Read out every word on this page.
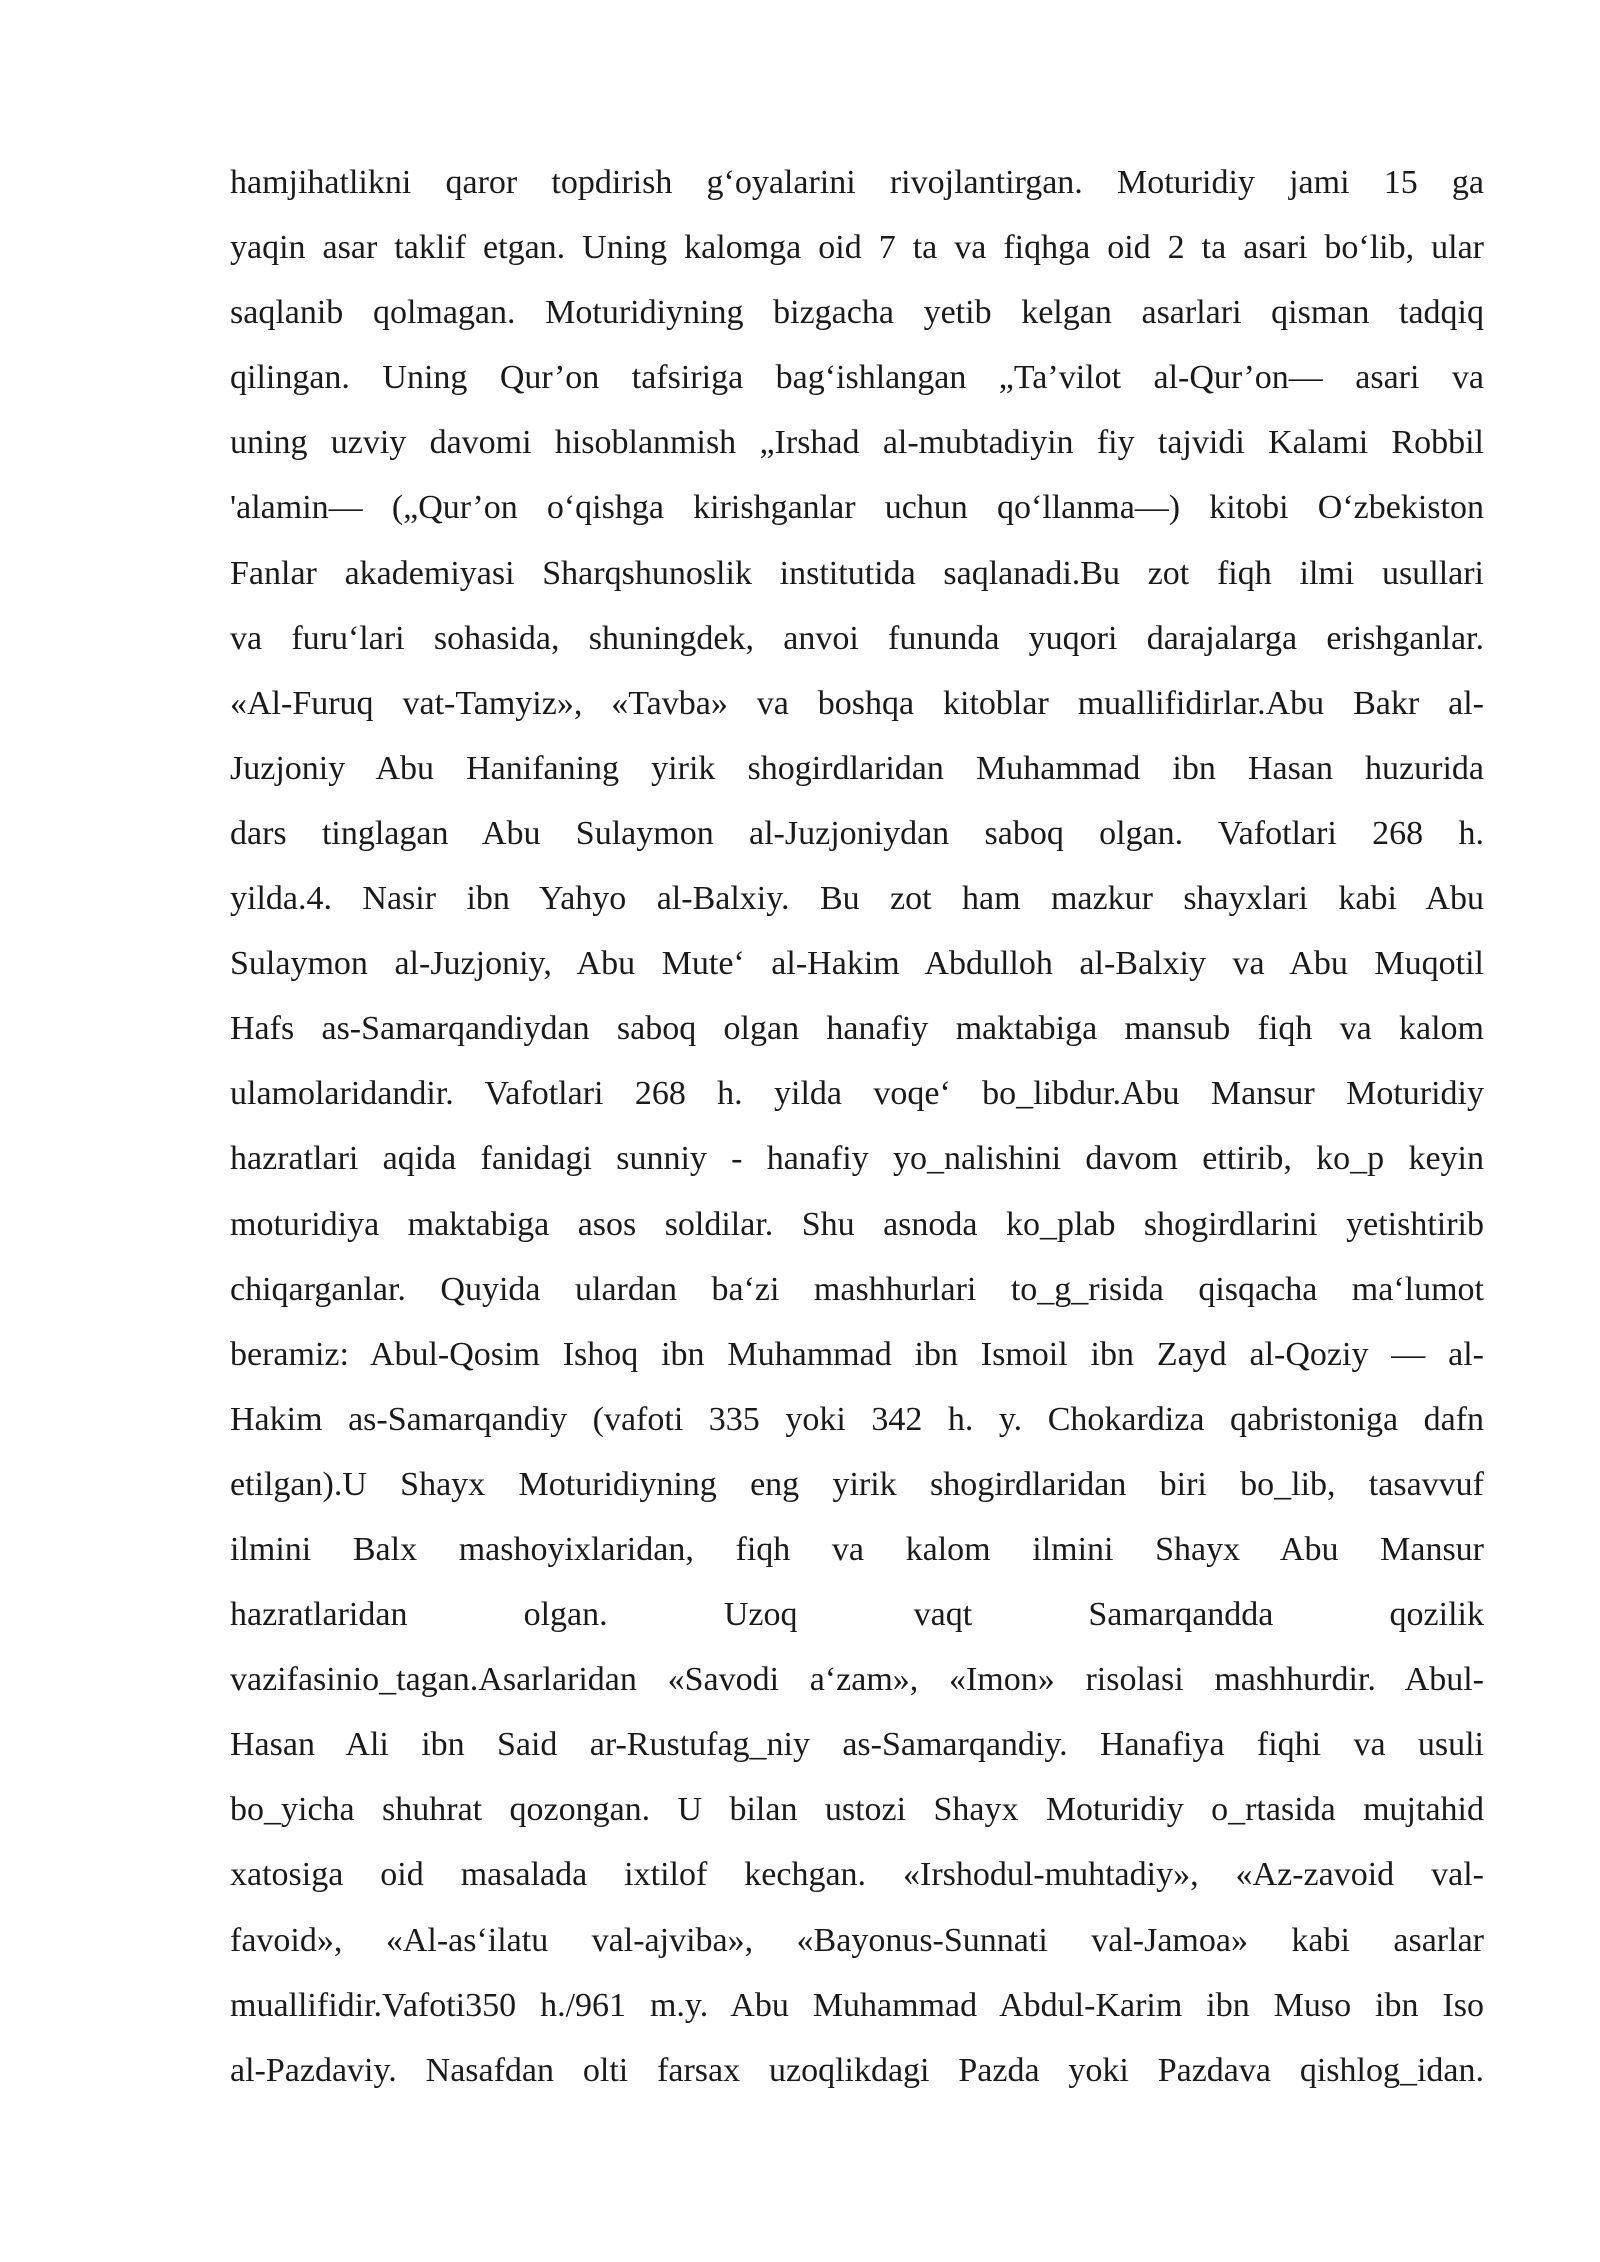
hamjihatlikni qaror topdirish g‘oyalarini rivojlantirgan. Moturidiy jami 15 ga

yaqin asar taklif etgan. Uning kalomga oid 7 ta va fiqhga oid 2 ta asari bo‘lib, ular

saqlanib qolmagan. Moturidiyning bizgacha yetib kelgan asarlari qisman tadqiq

qilingan. Uning Qur’on tafsiriga bag‘ishlangan „Ta’vilot al-Qur’on— asari va

uning uzviy davomi hisoblanmish „Irshad al-mubtadiyin fiy tajvidi Kalami Robbil

'alamin— („Qur’on o‘qishga kirishganlar uchun qo‘llanma—) kitobi O‘zbekiston

Fanlar akademiyasi Sharqshunoslik institutida saqlanadi.Bu zot fiqh ilmi usullari

va furu‘lari sohasida, shuningdek, anvoi funundа yuqori darajalarga erishganlar.

«Al-Furuq vat-Tamyiz», «Tavba» va boshqa kitoblar muallifidirlar.Abu Bakr al-

Juzjoniy Abu Hanifaning yirik shogirdlaridan Muhammad ibn Hasan huzurida

dars tinglagan Abu Sulaymon al-Juzjoniydan saboq olgan. Vafotlari 268 h.

yilda.4. Nasir ibn Yahyo al-Balxiy. Bu zot ham mazkur shayxlari kabi Abu

Sulaymon al-Juzjoniy, Abu Mute‘ al-Hakim Abdulloh al-Balxiy va Abu Muqotil

Hafs as-Samarqandiydan saboq olgan hanafiy maktabiga mansub fiqh va kalom

ulamolaridandir. Vafotlari 268 h. yilda voqe‘ bo_libdur.Abu Mansur Moturidiy

hazratlari aqida fanidagi sunniy - hanafiy yo_nalishini davom ettirib, ko_p keyin

moturidiya maktabiga asos soldilar. Shu asnoda ko_plab shogirdlarini yetishtirib

chiqarganlar. Quyida ulardan ba‘zi mashhurlari to_g_risida qisqacha ma‘lumot

beramiz: Abul-Qosim Ishoq ibn Muhammad ibn Ismoil ibn Zayd al-Qoziy — al-

Hakim as-Samarqandiy (vafoti 335 yoki 342 h. y. Chokardiza qabristoniga dafn

etilgan).U Shayx Moturidiyning eng yirik shogirdlaridan biri bo_lib, tasavvuf

ilmini Balx mashoyixlaridan, fiqh va kalom ilmini Shayx Abu Mansur

hazratlaridan olgan. Uzoq vaqt Samarqandda qozilik

vazifasinio_tagan.Asarlaridan «Savodi a‘zam», «Imon» risolasi mashhurdir. Abul-

Hasan Ali ibn Said ar-Rustufag_niy as-Samarqandiy. Hanafiya fiqhi va usuli

bo_yicha shuhrat qozongan. U bilan ustozi Shayx Moturidiy o_rtasida mujtahid

xatosiga oid masalada ixtilof kechgan. «Irshodul-muhtadiy», «Az-zavoid val-

favoid», «Al-as‘ilatu val-ajviba», «Bayonus-Sunnati val-Jamoa» kabi asarlar

muallifidir.Vafoti350 h./961 m.y. Abu Muhammad Abdul-Karim ibn Muso ibn Iso

al-Pazdaviy. Nasafdan olti farsax uzoqlikdagi Pazda yoki Pazdava qishlog_idan.
